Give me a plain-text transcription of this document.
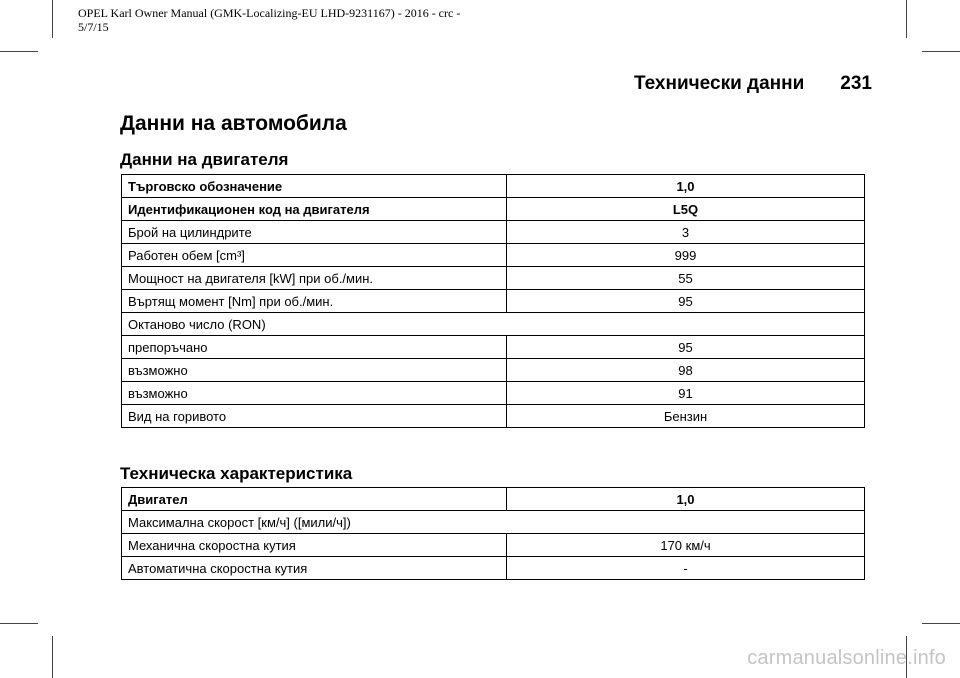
OPEL Karl Owner Manual (GMK-Localizing-EU LHD-9231167) - 2016 - crc -
5/7/15
Технически данни 231
Данни на автомобила
Данни на двигателя
Търговско обозначение	1,0
Идентификационен код на двигателя	L5Q
Брой на цилиндрите	3
Работен обем [cm³]	999
Мощност на двигателя [kW] при об./мин.	55
Въртящ момент [Nm] при об./мин.	95
Октаново число (RON)	
препоръчано	95
възможно	98
възможно	91
Вид на горивото	Бензин
Техническа характеристика
Двигател	1,0
Максимална скорост [км/ч] ([мили/ч])	
Механична скоростна кутия	170 км/ч
Автоматична скоростна кутия	-
carmanualsonline.info
